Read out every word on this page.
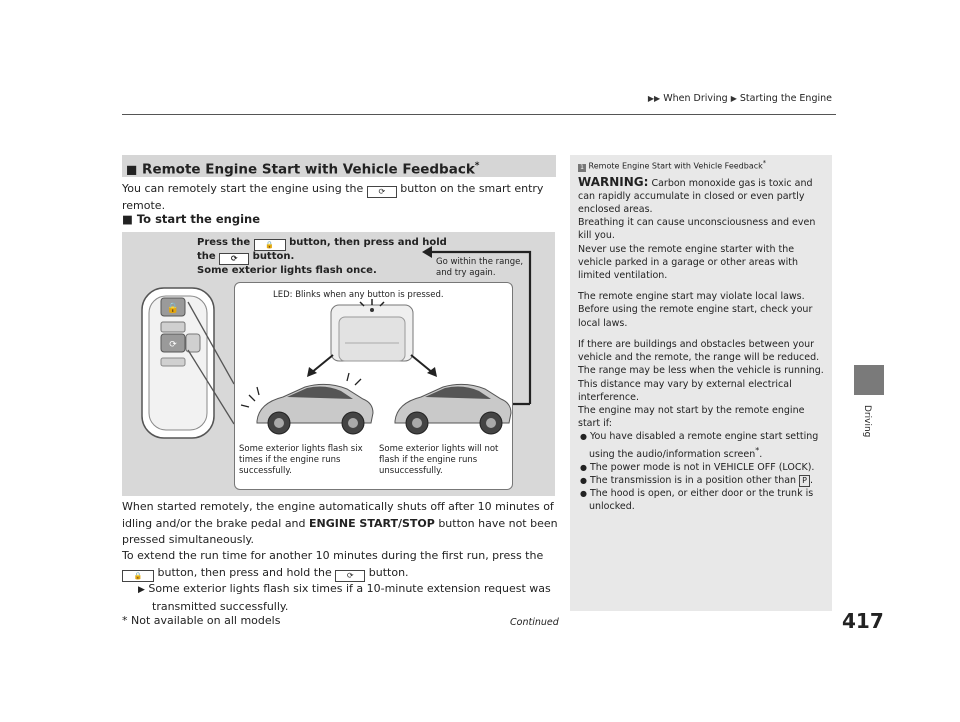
▶▶ When Driving ▶ Starting the Engine
Driving
■ Remote Engine Start with Vehicle Feedback*
You can remotely start the engine using the ⟳ button on the smart entry remote.
■ To start the engine
🔒
⟳
Press the 🔒 button, then press and hold
the ⟳ button.
Some exterior lights flash once.
Go within the range,
and try again.
LED: Blinks when any button is pressed.
Some exterior lights flash six times if the engine runs successfully.
Some exterior lights will not flash if the engine runs unsuccessfully.
When started remotely, the engine automatically shuts off after 10 minutes of idling and/or the brake pedal and ENGINE START/STOP button have not been pressed simultaneously.
To extend the run time for another 10 minutes during the first run, press the 🔒 button, then press and hold the ⟳ button.
▶ Some exterior lights flash six times if a 10-minute extension request was transmitted successfully.
1 Remote Engine Start with Vehicle Feedback*

WARNING: Carbon monoxide gas is toxic and can rapidly accumulate in closed or even partly enclosed areas.

Breathing it can cause unconsciousness and even kill you.

Never use the remote engine starter with the vehicle parked in a garage or other areas with limited ventilation.

The remote engine start may violate local laws. Before using the remote engine start, check your local laws.

If there are buildings and obstacles between your vehicle and the remote, the range will be reduced. The range may be less when the vehicle is running. This distance may vary by external electrical interference.

The engine may not start by the remote engine start if:

● You have disabled a remote engine start setting using the audio/information screen*.
● The power mode is not in VEHICLE OFF (LOCK).
● The transmission is in a position other than P .
● The hood is open, or either door or the trunk is unlocked.
* Not available on all models	Continued	417
